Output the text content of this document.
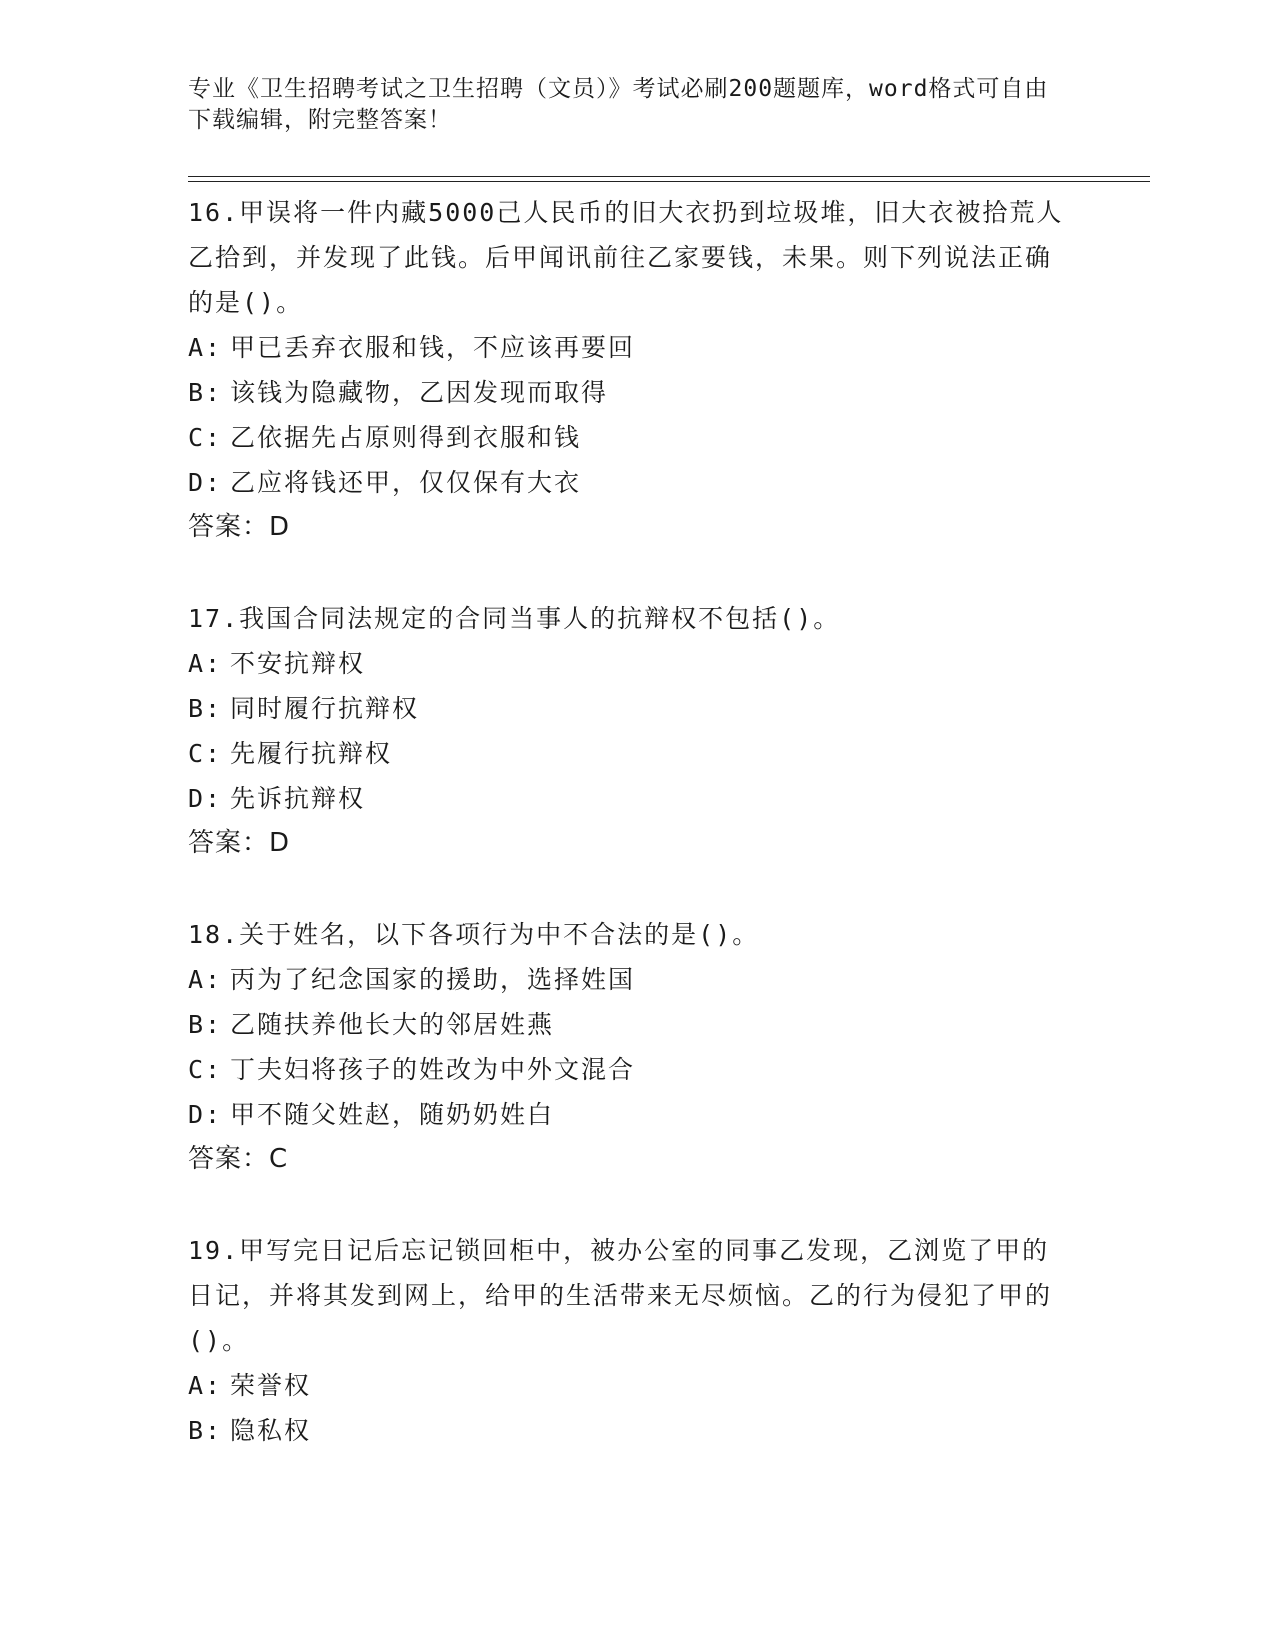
专业《卫生招聘考试之卫生招聘（文员）》考试必刷200题题库，word格式可自由下载编辑，附完整答案！
16.甲误将一件内藏5000己人民币的旧大衣扔到垃圾堆，旧大衣被拾荒人乙拾到，并发现了此钱。后甲闻讯前往乙家要钱，未果。则下列说法正确的是()。
A: 甲已丢弃衣服和钱，不应该再要回
B: 该钱为隐藏物，乙因发现而取得
C: 乙依据先占原则得到衣服和钱
D: 乙应将钱还甲，仅仅保有大衣
答案：D
17.我国合同法规定的合同当事人的抗辩权不包括()。
A: 不安抗辩权
B: 同时履行抗辩权
C: 先履行抗辩权
D: 先诉抗辩权
答案：D
18.关于姓名，以下各项行为中不合法的是()。
A: 丙为了纪念国家的援助，选择姓国
B: 乙随扶养他长大的邻居姓燕
C: 丁夫妇将孩子的姓改为中外文混合
D: 甲不随父姓赵，随奶奶姓白
答案：C
19.甲写完日记后忘记锁回柜中，被办公室的同事乙发现，乙浏览了甲的日记，并将其发到网上，给甲的生活带来无尽烦恼。乙的行为侵犯了甲的()。
A: 荣誉权
B: 隐私权
